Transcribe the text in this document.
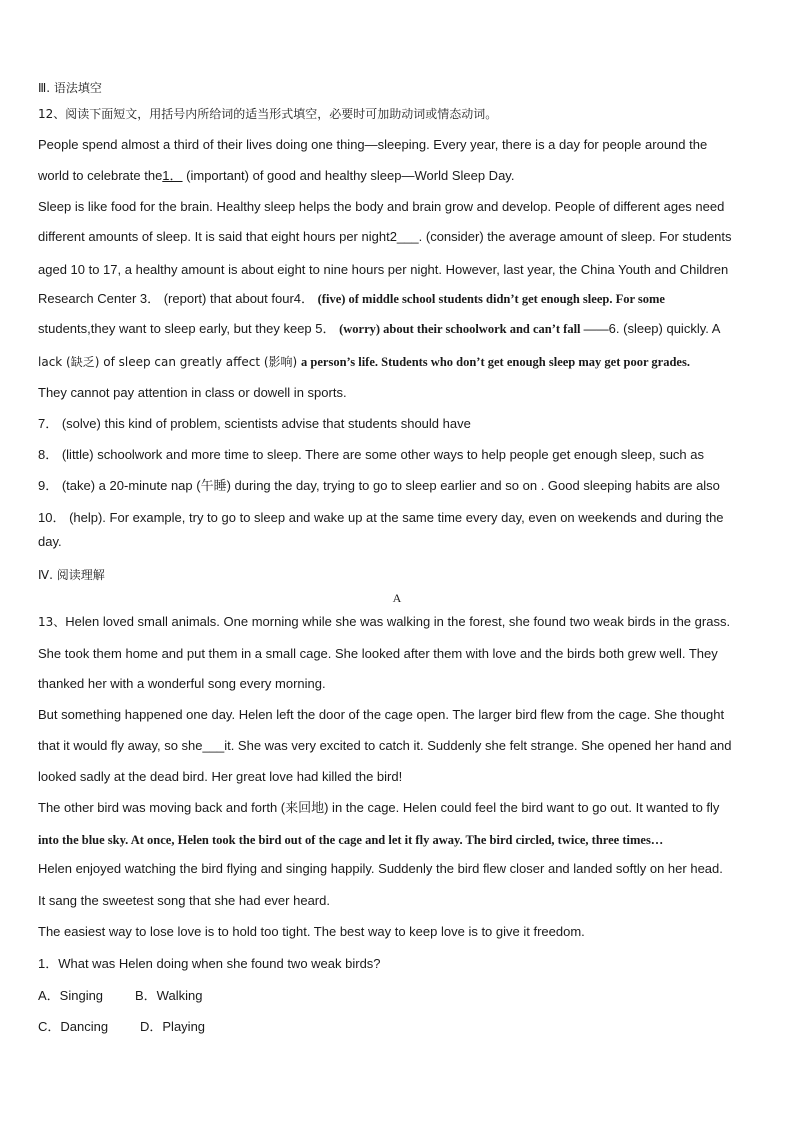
Ⅲ. 语法填空
12、阅读下面短文，用括号内所给词的适当形式填空，必要时可加助动词或情态动词。
People spend almost a third of their lives doing one thing—sleeping. Every year, there is a day for people around the
world to celebrate the1． (important) of good and healthy sleep—World Sleep Day.
Sleep is like food for the brain. Healthy sleep helps the body and brain grow and develop. People of different ages need
different amounts of sleep. It is said that eight hours per night2___. (consider) the average amount of sleep. For students
aged 10 to 17, a healthy amount is about eight to nine hours per night. However, last year, the China Youth and Children
Research Center 3． (report) that about four4． (five) of middle school students didn’t get enough sleep. For some
students,they want to sleep early, but they keep 5． (worry) about their schoolwork and can’t fall ——6. (sleep) quickly. A
lack (缺乏) of sleep can greatly affect (影响) a person’s life. Students who don’t get enough sleep may get poor grades.
They cannot pay attention in class or dowell in sports.
7． (solve) this kind of problem, scientists advise that students should have
8． (little) schoolwork and more time to sleep. There are some other ways to help people get enough sleep, such as
9． (take) a 20-minute nap (午睡) during the day, trying to go to sleep earlier and so on . Good sleeping habits are also
10． (help). For example, try to go to sleep and wake up at the same time every day, even on weekends and during the
day.
Ⅳ. 阅读理解
A
13、Helen loved small animals. One morning while she was walking in the forest, she found two weak birds in the grass.
She took them home and put them in a small cage. She looked after them with love and the birds both grew well. They
thanked her with a wonderful song every morning.
But something happened one day. Helen left the door of the cage open. The larger bird flew from the cage. She thought
that it would fly away, so she___it. She was very excited to catch it. Suddenly she felt strange. She opened her hand and
looked sadly at the dead bird. Her great love had killed the bird!
The other bird was moving back and forth (来回地) in the cage. Helen could feel the bird want to go out. It wanted to fly
into the blue sky. At once, Helen took the bird out of the cage and let it fly away. The bird circled, twice, three times…
Helen enjoyed watching the bird flying and singing happily. Suddenly the bird flew closer and landed softly on her head.
It sang the sweetest song that she had ever heard.
The easiest way to lose love is to hold too tight. The best way to keep love is to give it freedom.
1．What was Helen doing when she found two weak birds?
A．Singing B．Walking
C．Dancing D．Playing
